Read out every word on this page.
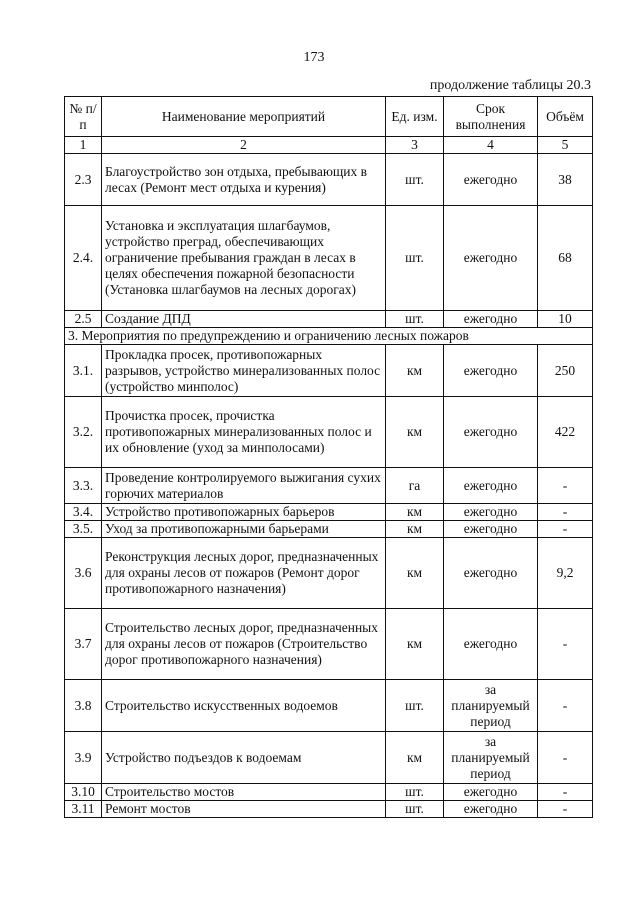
173
продолжение таблицы 20.3
№ п/п	Наименование мероприятий	Ед. изм.	Срок выполнения	Объём
1	2	3	4	5
2.3	Благоустройство зон отдыха, пребывающих в лесах (Ремонт мест отдыха и курения)	шт.	ежегодно	38
2.4.	Установка и эксплуатация шлагбаумов, устройство преград, обеспечивающих ограничение пребывания граждан в лесах в целях обеспечения пожарной безопасности (Установка шлагбаумов на лесных дорогах)	шт.	ежегодно	68
2.5	Создание ДПД	шт.	ежегодно	10
3. Мероприятия по предупреждению и ограничению лесных пожаров				
3.1.	Прокладка просек, противопожарных разрывов, устройство минерализованных полос (устройство минполос)	км	ежегодно	250
3.2.	Прочистка просек, прочистка противопожарных минерализованных полос и их обновление (уход за минполосами)	км	ежегодно	422
3.3.	Проведение контролируемого выжигания сухих горючих материалов	га	ежегодно	-
3.4.	Устройство противопожарных барьеров	км	ежегодно	-
3.5.	Уход за противопожарными барьерами	км	ежегодно	-
3.6	Реконструкция лесных дорог, предназначенных для охраны лесов от пожаров (Ремонт дорог противопожарного назначения)	км	ежегодно	9,2
3.7	Строительство лесных дорог, предназначенных для охраны лесов от пожаров (Строительство дорог противопожарного назначения)	км	ежегодно	-
3.8	Строительство искусственных водоемов	шт.	за планируемый период	-
3.9	Устройство подъездов к водоемам	км	за планируемый период	-
3.10	Строительство мостов	шт.	ежегодно	-
3.11	Ремонт мостов	шт.	ежегодно	-
